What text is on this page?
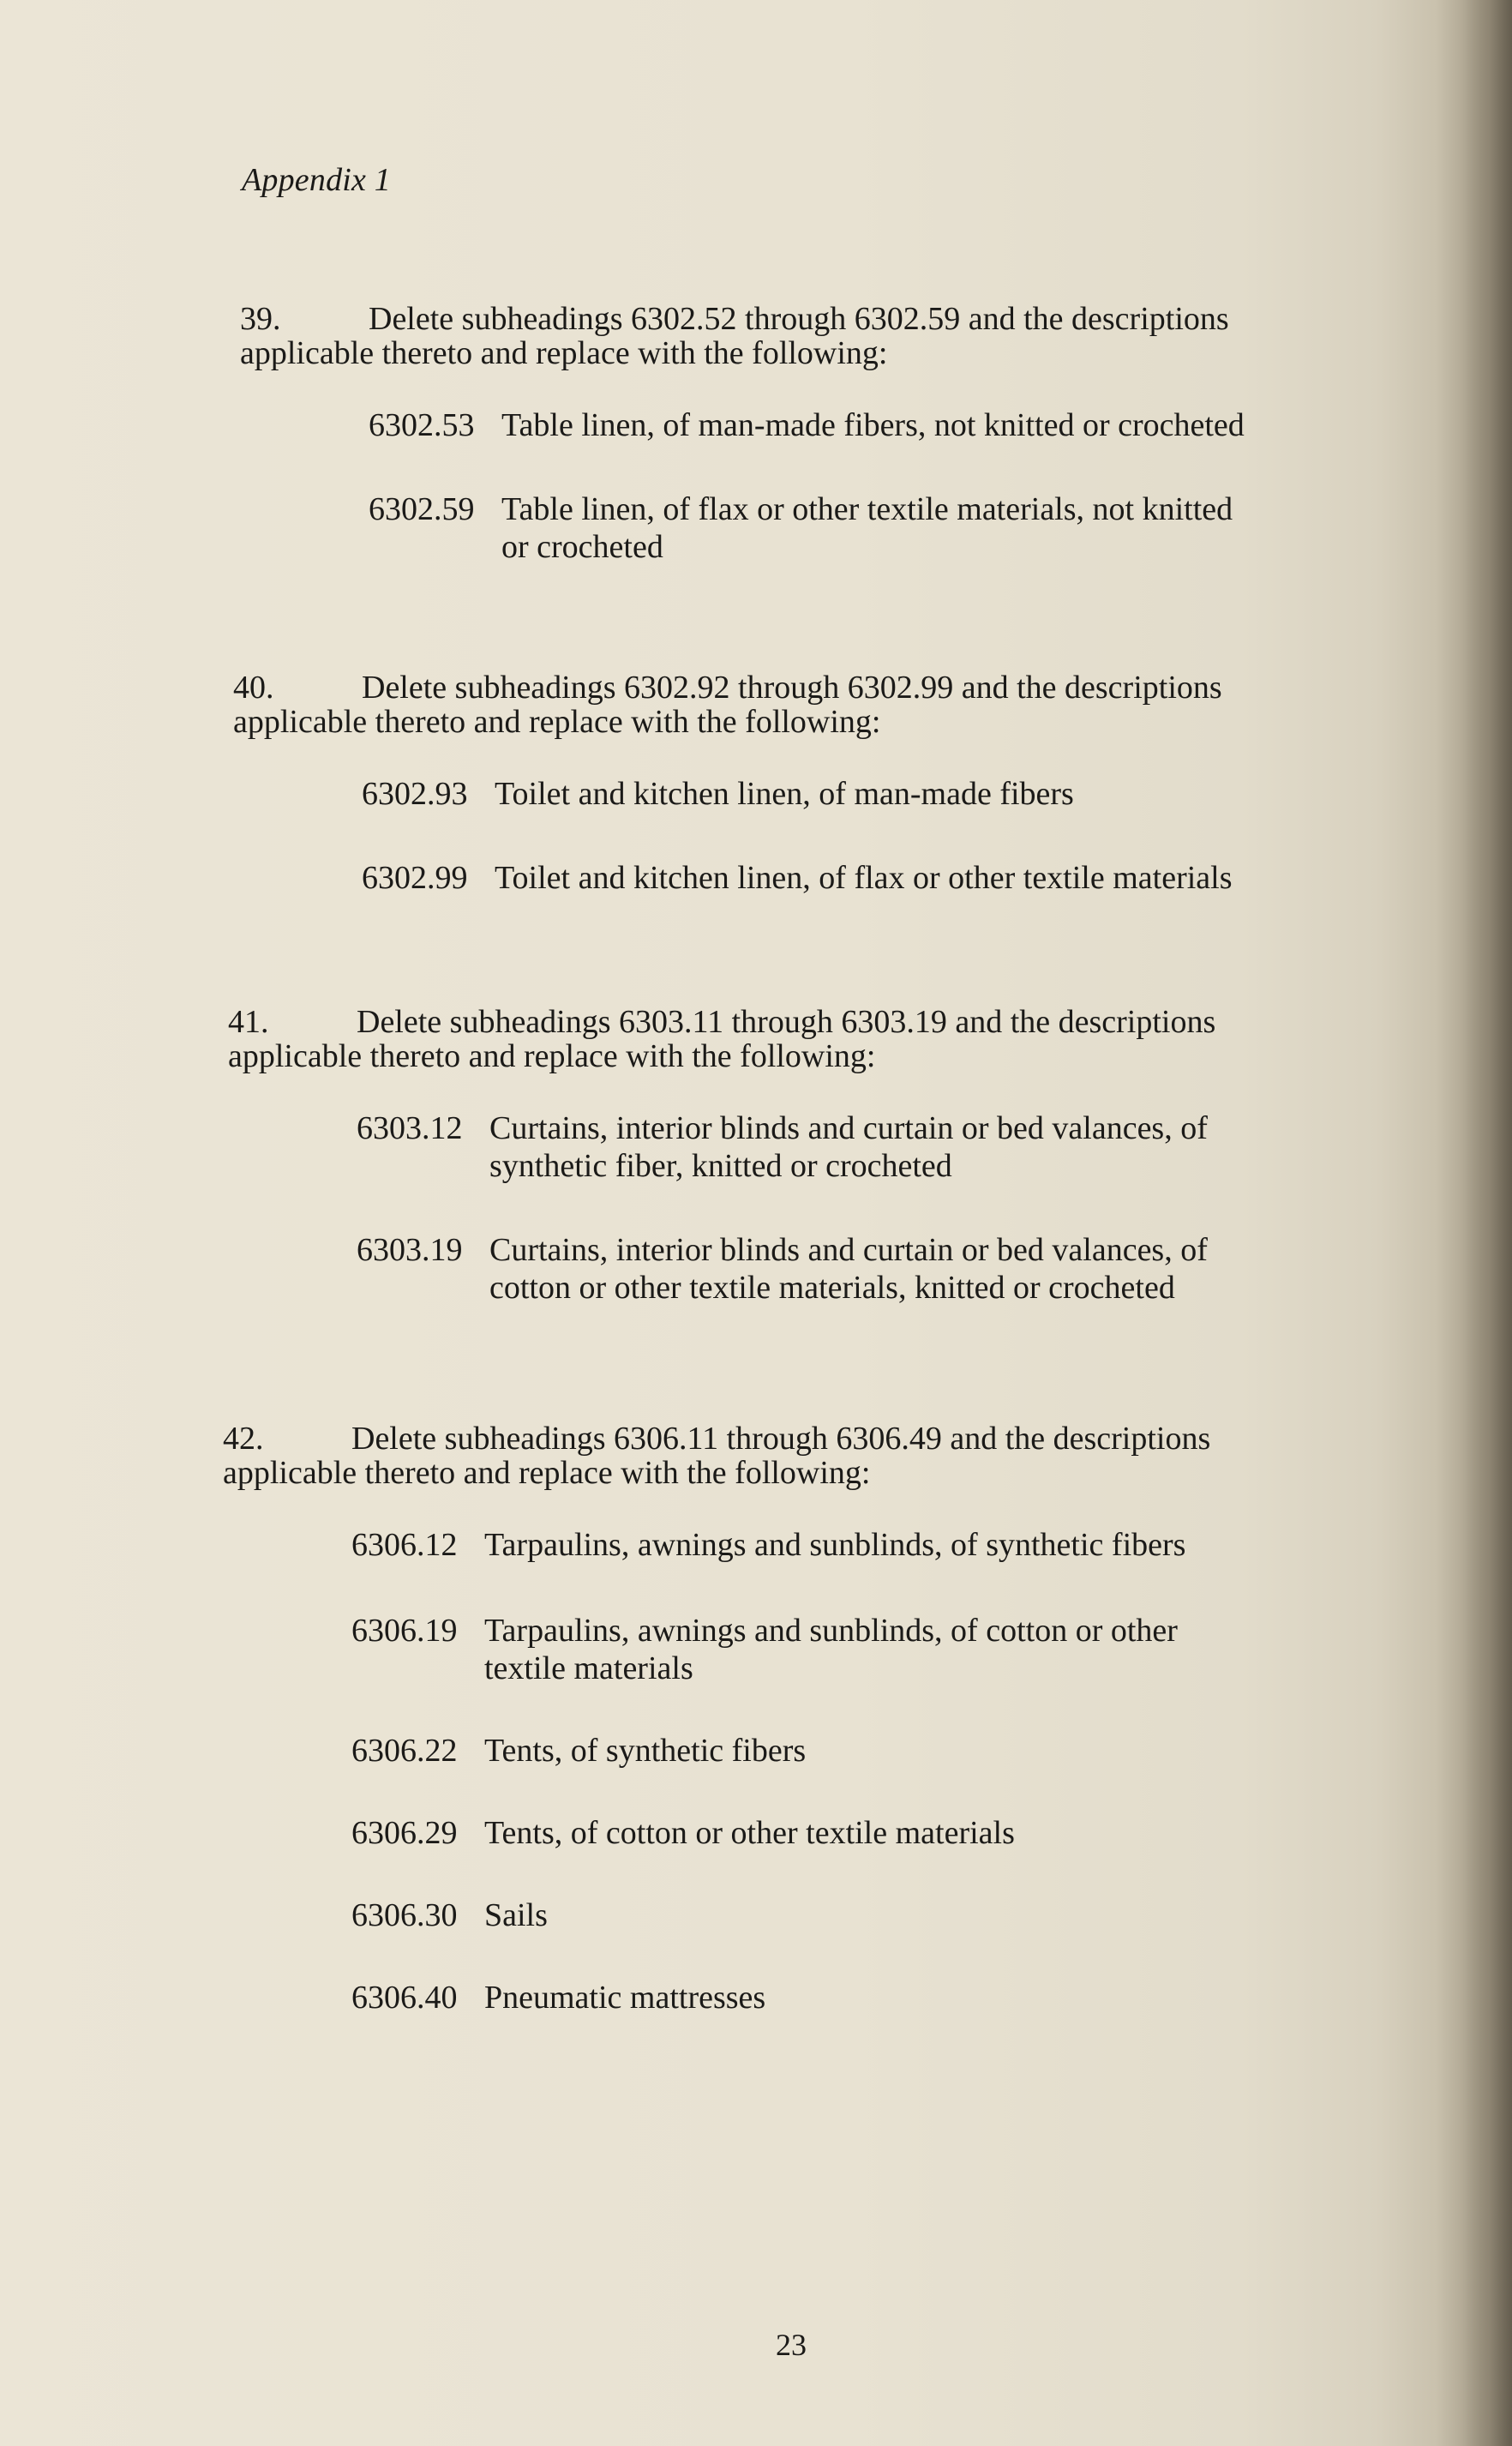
Appendix 1
39.	Delete subheadings 6302.52 through 6302.59 and the descriptions
applicable thereto and replace with the following:
6302.53 Table linen, of man-made fibers, not knitted or crocheted
6302.59 Table linen, of flax or other textile materials, not knitted or crocheted
40.	Delete subheadings 6302.92 through 6302.99 and the descriptions
applicable thereto and replace with the following:
6302.93 Toilet and kitchen linen, of man-made fibers
6302.99 Toilet and kitchen linen, of flax or other textile materials
41.	Delete subheadings 6303.11 through 6303.19 and the descriptions
applicable thereto and replace with the following:
6303.12 Curtains, interior blinds and curtain or bed valances, of synthetic fiber, knitted or crocheted
6303.19 Curtains, interior blinds and curtain or bed valances, of cotton or other textile materials, knitted or crocheted
42.	Delete subheadings 6306.11 through 6306.49 and the descriptions
applicable thereto and replace with the following:
6306.12 Tarpaulins, awnings and sunblinds, of synthetic fibers
6306.19 Tarpaulins, awnings and sunblinds, of cotton or other textile materials
6306.22 Tents, of synthetic fibers
6306.29 Tents, of cotton or other textile materials
6306.30 Sails
6306.40 Pneumatic mattresses
23
